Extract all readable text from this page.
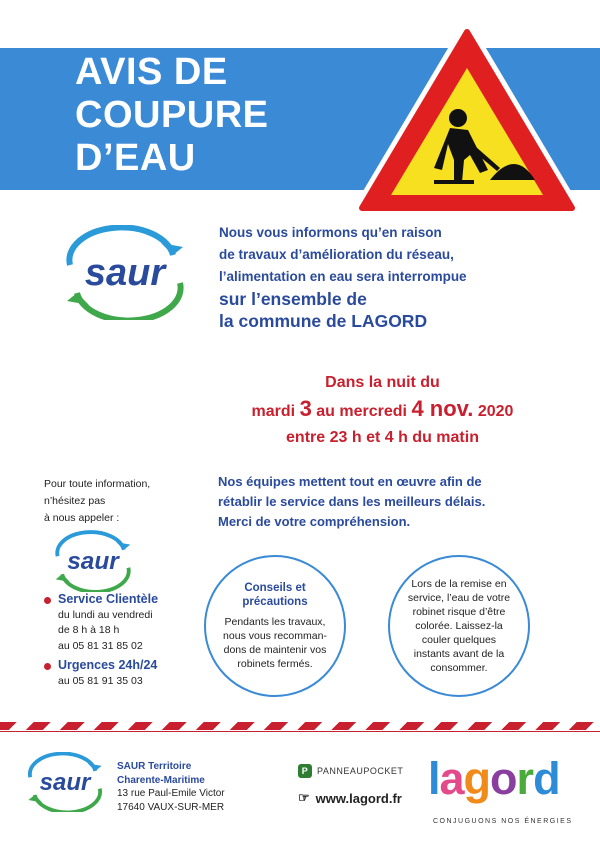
AVIS DE
COUPURE
D’EAU
saur
Nous vous informons qu’en raison
de travaux d’amélioration du réseau,
l’alimentation en eau sera interrompue
sur l’ensemble de
la commune de LAGORD
Dans la nuit du
mardi 3 au mercredi 4 nov. 2020
entre 23 h et 4 h du matin
Nos équipes mettent tout en œuvre afin de
rétablir le service dans les meilleurs délais.
Merci de votre compréhension.
Pour toute information,
n’hésitez pas
à nous appeler :
saur
Service Clientèle
du lundi au vendredi
de 8 h à 18 h
au 05 81 31 85 02
Urgences 24h/24
au 05 81 91 35 03
Conseils et
précautions
Pendants les travaux,
nous vous recomman-
dons de maintenir vos
robinets fermés.
Lors de la remise en
service, l’eau de votre
robinet risque d’être
colorée. Laissez-la
couler quelques
instants avant de la
consommer.
saur
SAUR Territoire
Charente-Maritime
13 rue Paul-Emile Victor
17640 VAUX-SUR-MER
P PANNEAUPOCKET
☞ www.lagord.fr lagord
CONJUGUONS NOS ÉNERGIES
